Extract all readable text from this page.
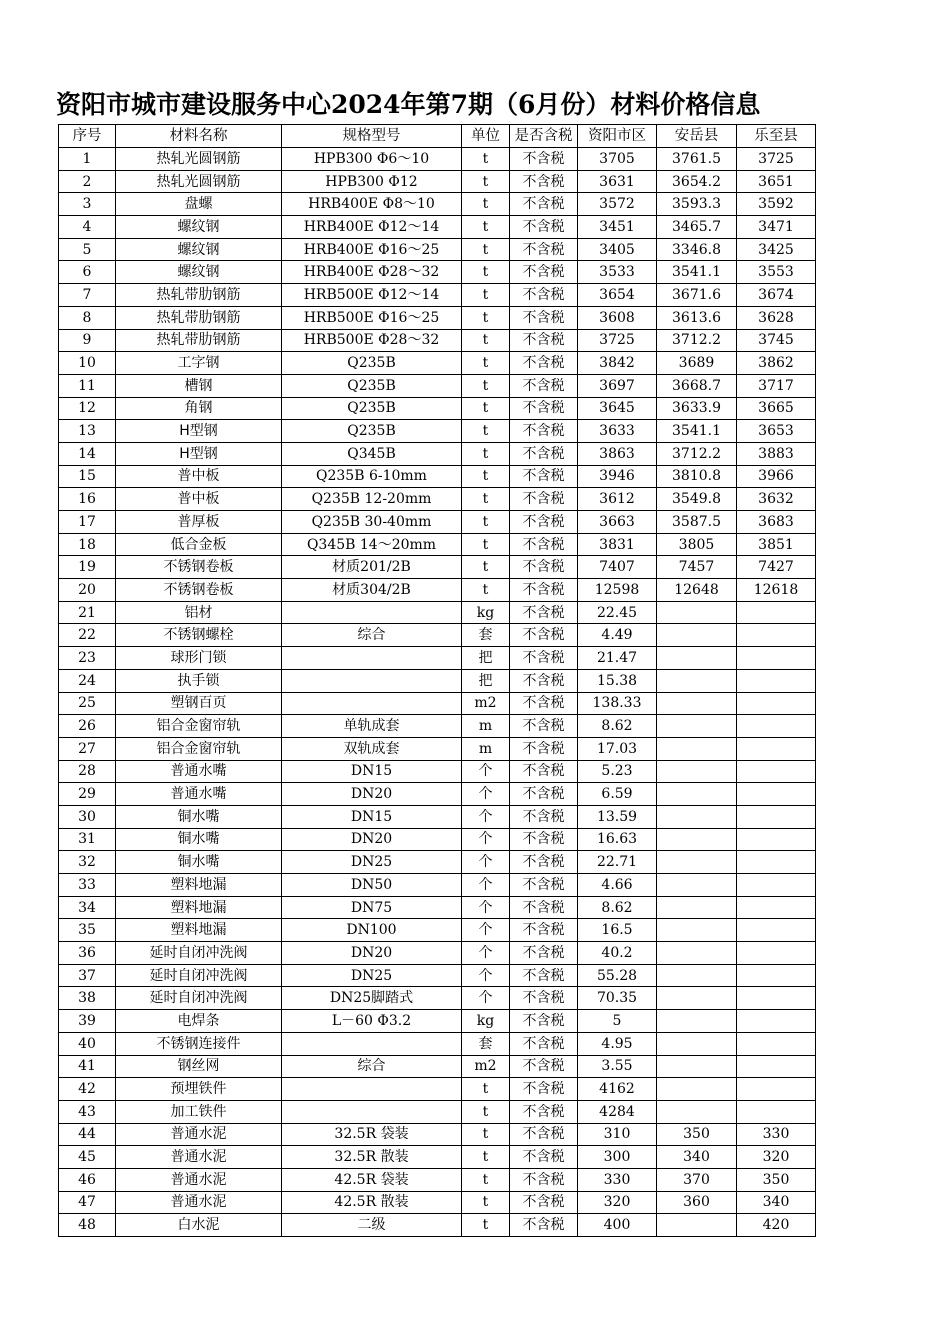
资阳市城市建设服务中心2024年第7期（6月份）材料价格信息
序号	材料名称	规格型号	单位	是否含税	资阳市区	安岳县	乐至县
1	热轧光圆钢筋	HPB300 Φ6～10	t	不含税	3705	3761.5	3725
2	热轧光圆钢筋	HPB300 Φ12	t	不含税	3631	3654.2	3651
3	盘螺	HRB400E Φ8～10	t	不含税	3572	3593.3	3592
4	螺纹钢	HRB400E Φ12～14	t	不含税	3451	3465.7	3471
5	螺纹钢	HRB400E Φ16～25	t	不含税	3405	3346.8	3425
6	螺纹钢	HRB400E Φ28～32	t	不含税	3533	3541.1	3553
7	热轧带肋钢筋	HRB500E Φ12～14	t	不含税	3654	3671.6	3674
8	热轧带肋钢筋	HRB500E Φ16～25	t	不含税	3608	3613.6	3628
9	热轧带肋钢筋	HRB500E Φ28～32	t	不含税	3725	3712.2	3745
10	工字钢	Q235B	t	不含税	3842	3689	3862
11	槽钢	Q235B	t	不含税	3697	3668.7	3717
12	角钢	Q235B	t	不含税	3645	3633.9	3665
13	H型钢	Q235B	t	不含税	3633	3541.1	3653
14	H型钢	Q345B	t	不含税	3863	3712.2	3883
15	普中板	Q235B 6-10mm	t	不含税	3946	3810.8	3966
16	普中板	Q235B 12-20mm	t	不含税	3612	3549.8	3632
17	普厚板	Q235B 30-40mm	t	不含税	3663	3587.5	3683
18	低合金板	Q345B 14～20mm	t	不含税	3831	3805	3851
19	不锈钢卷板	材质201/2B	t	不含税	7407	7457	7427
20	不锈钢卷板	材质304/2B	t	不含税	12598	12648	12618
21	铝材		kg	不含税	22.45		
22	不锈钢螺栓	综合	套	不含税	4.49		
23	球形门锁		把	不含税	21.47		
24	执手锁		把	不含税	15.38		
25	塑钢百页		m2	不含税	138.33		
26	铝合金窗帘轨	单轨成套	m	不含税	8.62		
27	铝合金窗帘轨	双轨成套	m	不含税	17.03		
28	普通水嘴	DN15	个	不含税	5.23		
29	普通水嘴	DN20	个	不含税	6.59		
30	铜水嘴	DN15	个	不含税	13.59		
31	铜水嘴	DN20	个	不含税	16.63		
32	铜水嘴	DN25	个	不含税	22.71		
33	塑料地漏	DN50	个	不含税	4.66		
34	塑料地漏	DN75	个	不含税	8.62		
35	塑料地漏	DN100	个	不含税	16.5		
36	延时自闭冲洗阀	DN20	个	不含税	40.2		
37	延时自闭冲洗阀	DN25	个	不含税	55.28		
38	延时自闭冲洗阀	DN25脚踏式	个	不含税	70.35		
39	电焊条	L－60 Φ3.2	kg	不含税	5		
40	不锈钢连接件		套	不含税	4.95		
41	钢丝网	综合	m2	不含税	3.55		
42	预埋铁件		t	不含税	4162		
43	加工铁件		t	不含税	4284		
44	普通水泥	32.5R 袋装	t	不含税	310	350	330
45	普通水泥	32.5R 散装	t	不含税	300	340	320
46	普通水泥	42.5R 袋装	t	不含税	330	370	350
47	普通水泥	42.5R 散装	t	不含税	320	360	340
48	白水泥	二级	t	不含税	400		420
